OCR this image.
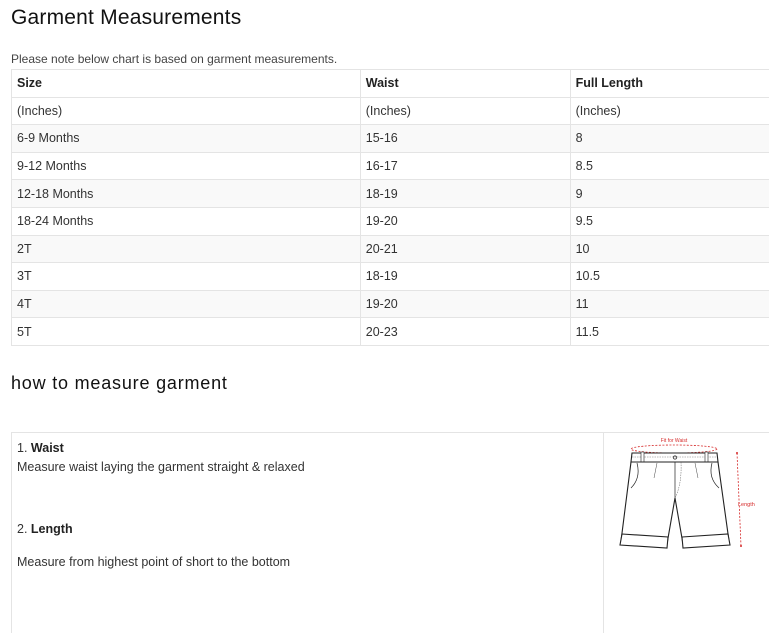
Garment Measurements
Please note below chart is based on garment measurements.
Size	Waist	Full Length
(Inches)	(Inches)	(Inches)
6-9 Months	15-16	8
9-12 Months	16-17	8.5
12-18 Months	18-19	9
18-24 Months	19-20	9.5
2T	20-21	10
3T	18-19	10.5
4T	19-20	11
5T	20-23	11.5
how to measure garment
1. Waist
Measure waist laying the garment straight & relaxed
2. Length
Measure from highest point of short to the bottom
Fit for Waist
Length
